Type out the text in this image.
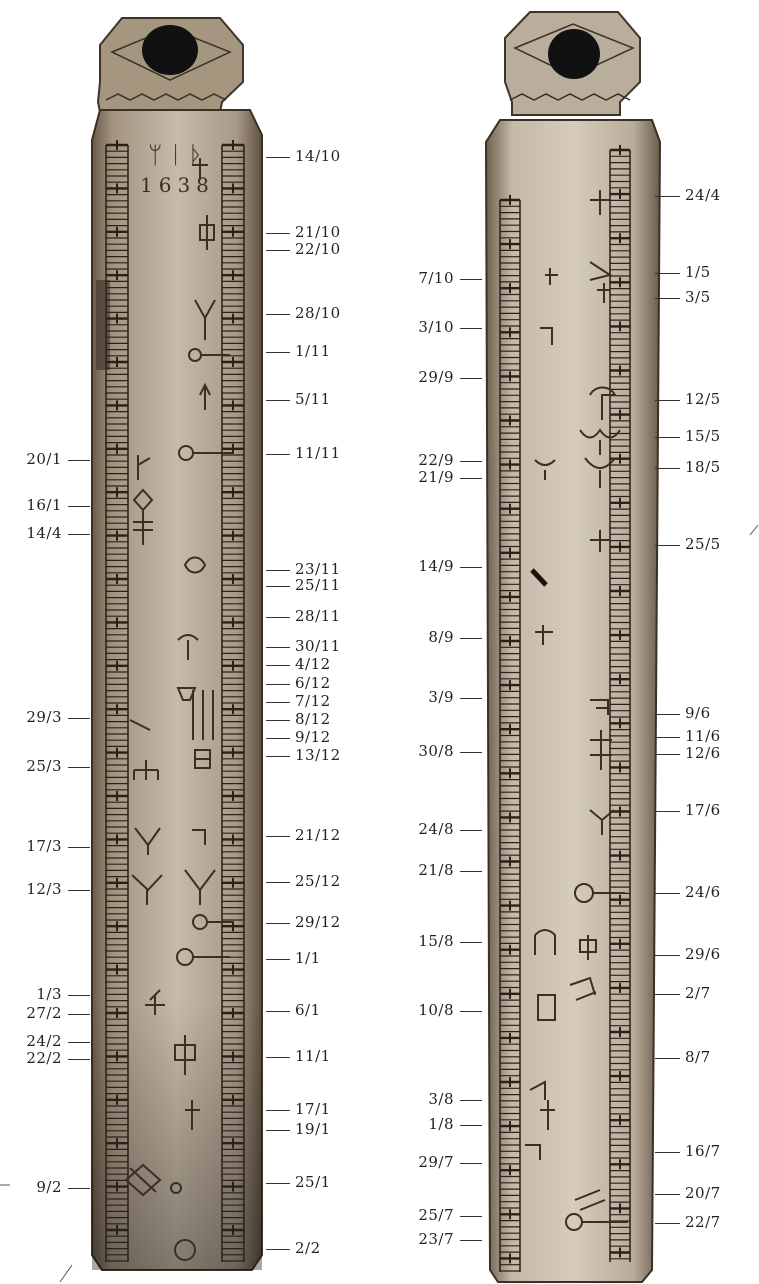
ᛘᛁᚦ
1638
14/10
21/10
22/10
28/10
1/11
5/11
11/11
23/11
25/11
28/11
30/11
4/12
6/12
7/12
8/12
9/12
13/12
21/12
25/12
29/12
1/1
6/1
11/1
17/1
19/1
25/1
2/2
20/1
16/1
14/4
29/3
25/3
17/3
12/3
1/3
27/2
24/2
22/2
9/2
7/10
3/10
29/9
22/9
21/9
14/9
8/9
3/9
30/8
24/8
21/8
15/8
10/8
3/8
1/8
29/7
25/7
23/7
24/4
1/5
3/5
12/5
15/5
18/5
25/5
9/6
11/6
12/6
17/6
24/6
29/6
2/7
8/7
16/7
20/7
22/7
